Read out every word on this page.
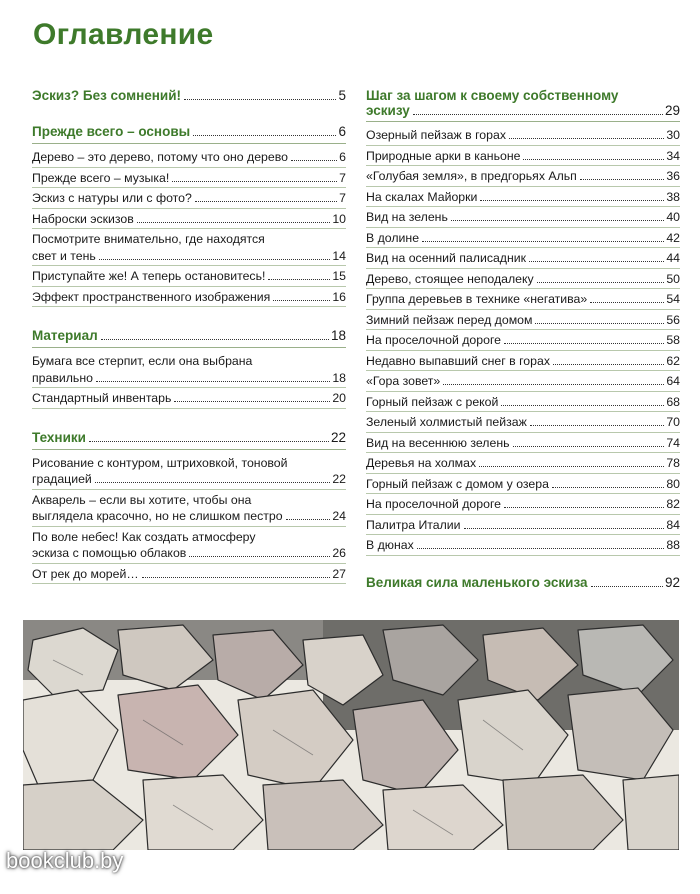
Оглавление
Эскиз? Без сомнений!	5
Прежде всего – основы	6
Дерево – это дерево, потому что оно дерево	6
Прежде всего – музыка!	7
Эскиз с натуры или с фото?	7
Наброски эскизов	10
Посмотрите внимательно, где находятся
свет и тень	14
Приступайте же! А теперь остановитесь!	15
Эффект пространственного изображения	16
Материал	18
Бумага все стерпит, если она выбрана
правильно	18
Стандартный инвентарь	20
Техники	22
Рисование с контуром, штриховкой, тоновой
градацией	22
Акварель – если вы хотите, чтобы она
выглядела красочно, но не слишком пестро	24
По воле небес! Как создать атмосферу
эскиза с помощью облаков	26
От рек до морей…	27
Шаг за шагом к своему собственному
эскизу	29
Озерный пейзаж в горах	30
Природные арки в каньоне	34
«Голубая земля», в предгорьях Альп	36
На скалах Майорки	38
Вид на зелень	40
В долине	42
Вид на осенний палисадник	44
Дерево, стоящее неподалеку	50
Группа деревьев в технике «негатива»	54
Зимний пейзаж перед домом	56
На проселочной дороге	58
Недавно выпавший снег в горах	62
«Гора зовет»	64
Горный пейзаж с рекой	68
Зеленый холмистый пейзаж	70
Вид на весеннюю зелень	74
Деревья на холмах	78
Горный пейзаж с домом у озера	80
На проселочной дороге	82
Палитра Италии	84
В дюнах	88
Великая сила маленького эскиза	92
bookclub.by
